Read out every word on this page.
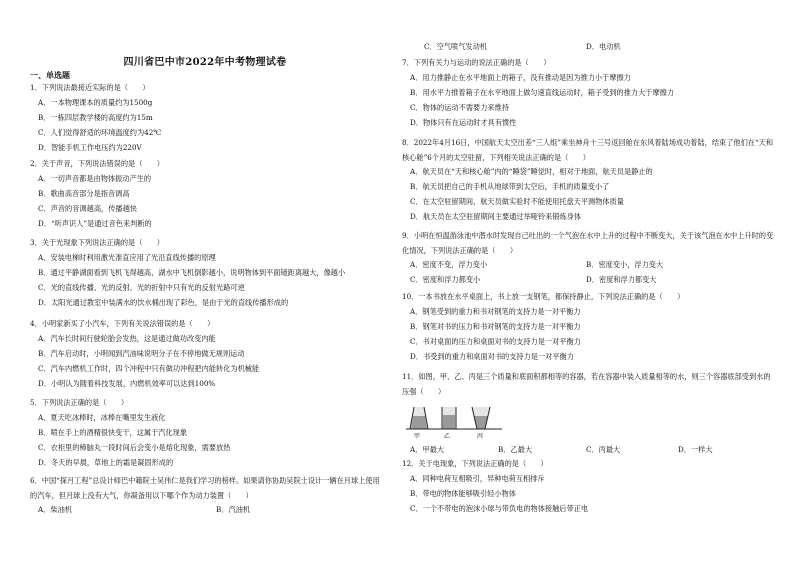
四川省巴中市2022年中考物理试卷
一、单选题
1．下列说法最接近实际的是（　　）
A．一本物理课本的质量约为1500g
B．一栋四层教学楼的高度约为15m
C．人们觉得舒适的环境温度约为42℃
D．智能手机工作电压约为220V
2．关于声音，下列说法错误的是（　　）
A．一切声音都是由物体振动产生的
B．歌曲高音部分是指音调高
C．声音的音调越高，传播越快
D．“听声识人”是通过音色来判断的
3．关于光现象下列说法正确的是（　　）
A．安装电梯时利用激光准直应用了光沿直线传播的原理
B．通过平静湖面看到飞机飞得越高，湖水中飞机倒影越小，说明物体到平面镜距离越大，像越小
C．光的直线传播、光的反射、光的折射中只有光的反射光路可逆
D．太阳光通过教室中装满水的饮水桶出现了彩色，是由于光的直线传播形成的
4．小明家新买了小汽车，下列有关说法错误的是（　　）
A．汽车长时间行驶轮胎会发热，这是通过做功改变内能
B．汽车启动时，小明闻到汽油味说明分子在不停地做无规则运动
C．汽车内燃机工作时，四个冲程中只有做功冲程把内能转化为机械能
D．小明认为随着科技发展，内燃机效率可以达到100%
5．下列说法正确的是（　　）
A．夏天吃冰棒时，冰棒在嘴里发生液化
B．喷在手上的酒精很快变干，这属于汽化现象
C．衣柜里的樟脑丸一段时间后会变小是熔化现象，需要放热
D．冬天的早晨，草地上的霜是凝固形成的
6．中国“探月工程”总设计师巴中籍院士吴伟仁是我们学习的榜样。如果请你协助吴院士设计一辆在月球上使用的汽车，但月球上没有大气，你凝备用以下哪个作为动力装置（　　）
A．柴油机	B．汽油机
C．空气喷气发动机	D．电动机
7．下列有关力与运动的说法正确的是（　　）
A．用力推静止在水平地面上的箱子，没有推动是因为推力小于摩擦力
B．用水平力推着箱子在水平地面上做匀速直线运动时，箱子受到的推力大于摩擦力
C．物体的运动不需要力来维持
D．物体只有在运动时才具有惯性
8．2022年4月16日，中国航天太空出差“三人组”乘坐神舟十三号返回舱在东风着陆场成功着陆，结束了他们在“天和核心舱”6个月的太空驻留，下列相关说法正确的是（　　）
A．航天员在“天和核心舱”内的“睡袋”睡觉时，相对于地面，航天员是静止的
B．航天员把自己的手机从地球带到太空后，手机的质量变小了
C．在太空驻留期间，航天员做实验时不能使用托盘天平测物体质量
D．航天员在太空驻留期间主要通过举哑铃来锻炼身体
9．小明在恒温游泳池中潜水时发现自己吐出的一个气泡在水中上升的过程中不断变大，关于该气泡在水中上升时的变化情况，下列说法正确的是（　　）
A．密度不变，浮力变小	B．密度变小，浮力变大
C．密度和浮力都变小	D．密度和浮力都变大
10．一本书放在水平桌面上，书上放一支钢笔，都保持静止，下列说法正确的是（　　）
A．钢笔受到的重力和书对钢笔的支持力是一对平衡力
B．钢笔对书的压力和书对钢笔的支持力是一对平衡力
C．书对桌面的压力和桌面对书的支持力是一对平衡力
D．书受到的重力和桌面对书的支持力是一对平衡力
11．如图，甲、乙、丙是三个质量和底面积都相等的容器，若在容器中装入质量相等的水，则三个容器底部受到水的压强（　　）
甲	乙	丙
A．甲最大	B．乙最大	C．丙最大	D．一样大
12．关于电现象，下列说法正确的是（　　）
A．同种电荷互相吸引，异种电荷互相排斥
B．带电的物体能够吸引轻小物体
C．一个不带电的泡沫小球与带负电的物体接触后带正电
